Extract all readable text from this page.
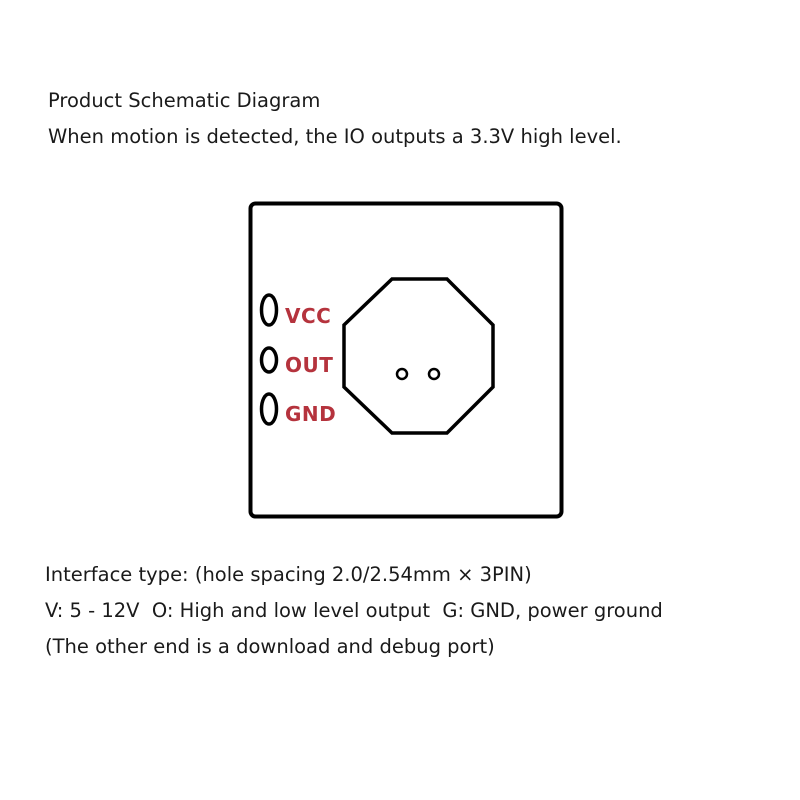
Product Schematic Diagram
When motion is detected, the IO outputs a 3.3V high level.
VCC
OUT
GND
Interface type: (hole spacing 2.0/2.54mm × 3PIN)
V: 5 - 12V  O: High and low level output  G: GND, power ground
(The other end is a download and debug port)
